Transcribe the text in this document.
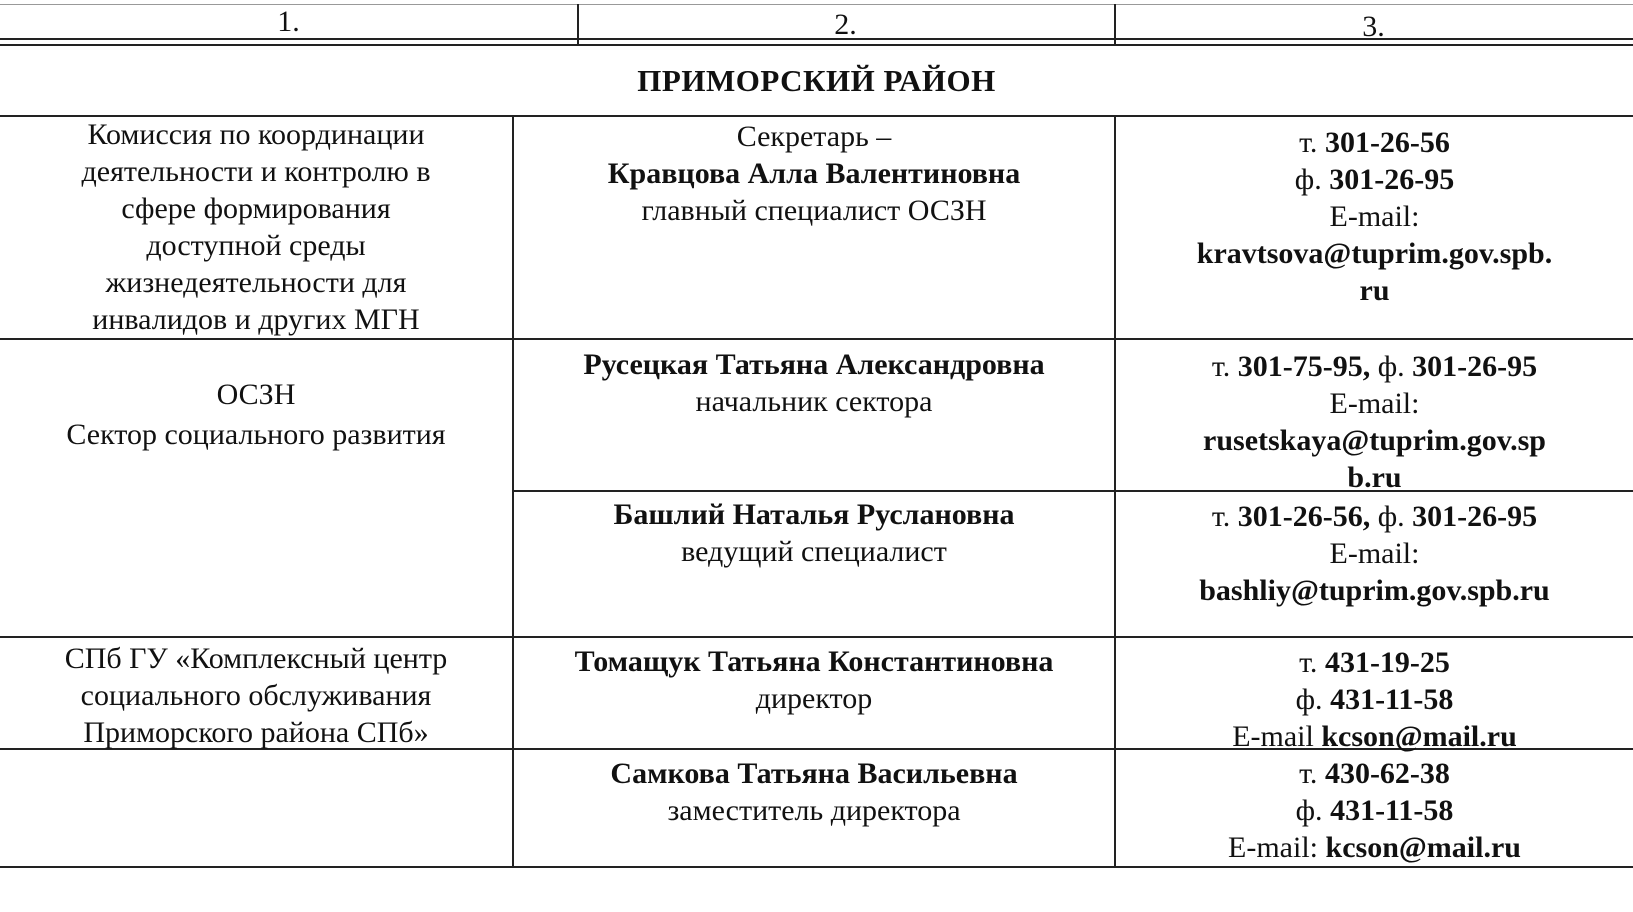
1.	2.	3.
ПРИМОРСКИЙ РАЙОН
Комиссия по координации
деятельности и контролю в
сфере формирования
доступной среды
жизнедеятельности для
инвалидов и других МГН
Секретарь –
Кравцова Алла Валентиновна
главный специалист ОСЗН
т. 301-26-56
ф. 301-26-95
E-mail:
kravtsova@tuprim.gov.spb.
ru
ОСЗН
Сектор социального развития
Русецкая Татьяна Александровна
начальник сектора
т. 301-75-95, ф. 301-26-95
E-mail:
rusetskaya@tuprim.gov.sp
b.ru
Башлий Наталья Руслановна
ведущий специалист
т. 301-26-56, ф. 301-26-95
E-mail:
bashliy@tuprim.gov.spb.ru
СПб ГУ «Комплексный центр
социального обслуживания
Приморского района СПб»
Томащук Татьяна Константиновна
директор
т. 431-19-25
ф. 431-11-58
E-mail kcson@mail.ru
Самкова Татьяна Васильевна
заместитель директора
т. 430-62-38
ф. 431-11-58
E-mail: kcson@mail.ru
